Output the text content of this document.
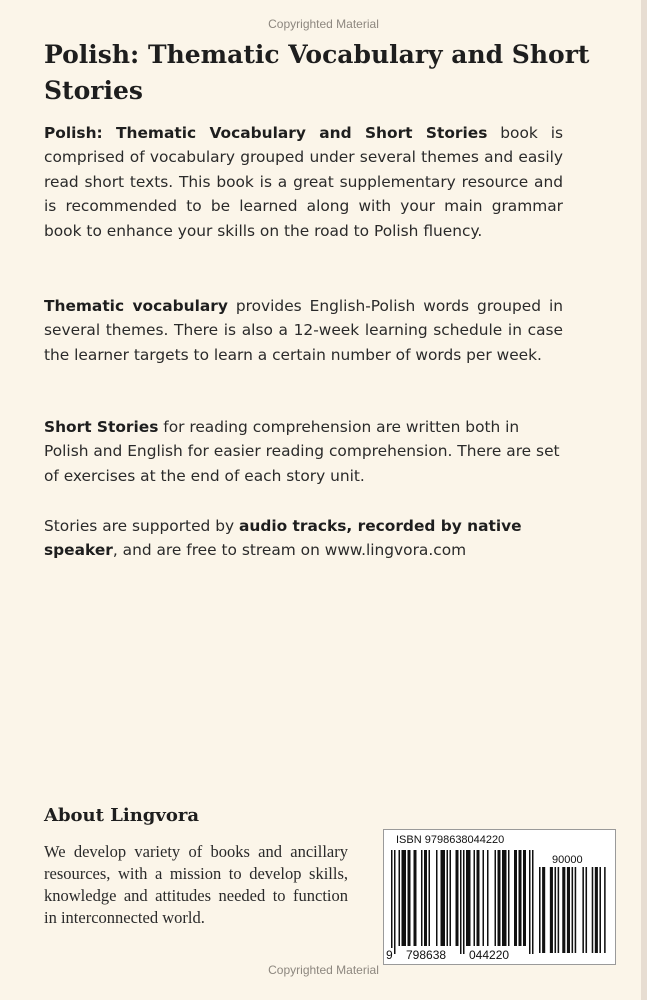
Copyrighted Material
Polish: Thematic Vocabulary and Short Stories

Polish: Thematic Vocabulary and Short Stories book is comprised of vocabulary grouped under several themes and easily read short texts. This book is a great supplementary resource and is recommended to be learned along with your main grammar book to enhance your skills on the road to Polish fluency.

Thematic vocabulary provides English-Polish words grouped in several themes. There is also a 12-week learning schedule in case the learner targets to learn a certain number of words per week.

Short Stories for reading comprehension are written both in Polish and English for easier reading comprehension. There are set of exercises at the end of each story unit.

Stories are supported by audio tracks, recorded by native speaker, and are free to stream on www.lingvora.com

About Lingvora

We develop variety of books and ancillary resources, with a mission to develop skills, knowledge and attitudes needed to function in interconnected world.

ISBN 9798638044220
90000
9 798638 044220
Copyrighted Material
